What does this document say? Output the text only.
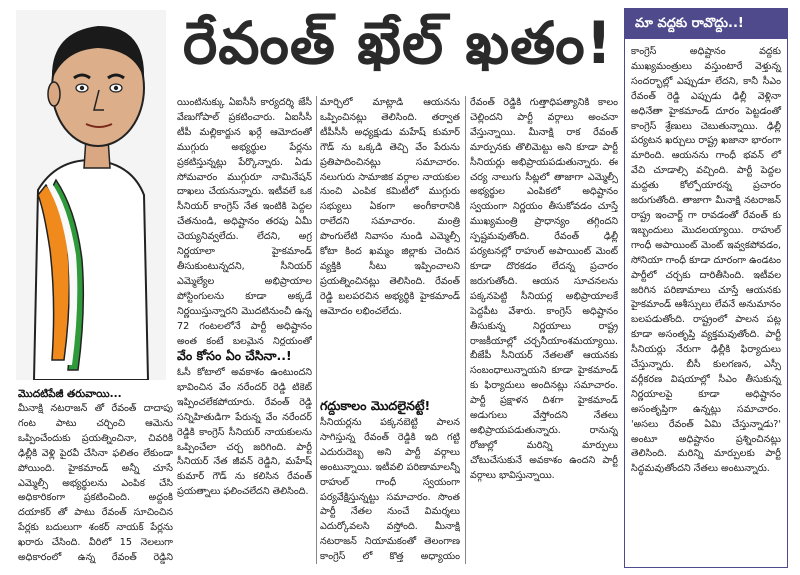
రేవంత్ ఖేల్ ఖతం!

యింటినుక్కు ఏఐసీసీ కార్యదర్శి జేసీ వేణుగోపాల్ ప్రకటించారు. ఏఐసీసీ టీపీ మల్లికార్జున ఖర్గే ఆమోదంతో ముగ్గురు అభ్యర్థుల పేర్లను ప్రకటిస్తున్నట్లు పేర్కొన్నారు. ఏడు సోమవారం ముగ్గురూ నామినేషన్ దాఖలు చేయనున్నారు. ఇటీవలే ఒక సీనియర్ కాంగ్రెస్ నేత ఇంటికి పెద్దల చేతనుండి, అధిష్టానం తరపు ఏమీ చెయ్యనివ్వలేదు. లేదని, అగ్ర నిర్ణయాలా హైకమాండ్ తీసుకుంటున్నదని, సీనియర్ ఎమ్మెల్యేల అభిప్రాయాల పోస్టింగులను కూడా అక్కడే నిర్ణయిస్తున్నారని మొదటినుంచీ ఉన్న 72 గంటలలోనే పార్టీ అధిష్టానం అంత కంటే బలమైన నిర్ణయంతో

వేం కోసం ఏం చేసినా..!

ఓసీ కోటాలో అవకాశం ఉంటుందని భావించిన వేం నరేందర్ రెడ్డి టికెట్ ఇప్పించలేకపోయారు. రేవంత్ రెడ్డి సన్నిహితుడిగా పేరున్న వేం నరేందర్ రెడ్డికి కాంగ్రెస్ సీనియర్ నాయకులను ఒప్పించేలా చర్చ జరిగింది. పార్టీ సీనియర్ నేత జీవన్ రెడ్డిని, మహేష్ కుమార్ గౌడ్ ను కలిసిన రేవంత్ ప్రయత్నాలు ఫలించలేదని తెలిసింది.

మొదటిపేజీ తరువాయి...

మీనాక్షి నటరాజన్ తో రేవంత్ దాదాపు గంట పాటు చర్చించి ఆమెను ఒప్పించేందుకు ప్రయత్నించినా, చివరికి ఢిల్లీకి వెళ్లి పైరవీ చేసినా ఫలితం లేకుండా పోయింది. హైకమాండ్ అన్నీ చూసే ఎమ్మెల్సీ అభ్యర్థులను ఎంపిక చేసి అధికారికంగా ప్రకటించింది. అద్దంకి దయాకర్ తో పాటు రేవంత్ సూచించిన పేర్లకు బదులుగా శంకర్ నాయక్ పేర్లను ఖరారు చేసింది. వీరిలో 15 నెలలుగా అధికారంలో ఉన్న రేవంత్ రెడ్డిని

మార్చిలో మాట్లాడి ఆయనను ఒప్పించినట్లు తెలిసింది. తర్వాత టీపీసీసీ అధ్యక్షుడు మహేష్ కుమార్ గౌడ్ ను ఒక్కడి తెచ్చి వేం పేరును ప్రతిపాదించినట్లు సమాచారం. నలుగురు సామాజిక వర్గాల నాయకుల నుంచి ఎంపిక కమిటీలో ముగ్గురు సభ్యులు ఏకంగా అంగీకారానికి రాలేదని సమాచారం. మంత్రి పొంగులేటి నివాసం నుండి ఎమ్మెల్సీ కోటా కింద ఖమ్మం జిల్లాకు చెందిన వ్యక్తికి సీటు ఇప్పించాలని ప్రయత్నించినట్లు తెలిసింది. రేవంత్ రెడ్డి బలపరచిన అభ్యర్థికి హైకమాండ్ ఆమోదం లభించలేదు.

గద్దుకాలం మొదలైనట్టే!

సీనియర్లను పక్కనబెట్టి పాలన సాగిస్తున్న రేవంత్ రెడ్డికి ఇది గట్టి ఎదురుదెబ్బ అని పార్టీ వర్గాలు అంటున్నాయి. ఇటీవలి పరిణామాలన్నీ రాహుల్ గాంధీ స్వయంగా పర్యవేక్షిస్తున్నట్టు సమాచారం. సొంత పార్టీ నేతల నుంచే విమర్శలు ఎదుర్కోవలసి వస్తోంది. మీనాక్షి నటరాజన్ నియామకంతో తెలంగాణ కాంగ్రెస్ లో కొత్త అధ్యాయం

రేవంత్ రెడ్డికి గుత్తాధిపత్యానికి కాలం చెల్లిందని పార్టీ వర్గాలు అంచనా వేస్తున్నాయి. మీనాక్షి రాక రేవంత్ మార్పునకు తొలిమెట్టు అని కూడా పార్టీ సీనియర్లు అభిప్రాయపడుతున్నారు. ఈ చర్య నాలుగు సీట్లలో తాజాగా ఎమ్మెల్సీ అభ్యర్థుల ఎంపికలో అధిష్టానం స్వయంగా నిర్ణయం తీసుకోవడం చూస్తే ముఖ్యమంత్రి ప్రాధాన్యం తగ్గిందని స్పష్టమవుతోంది. రేవంత్ ఢిల్లీ పర్యటనల్లో రాహుల్ అపాయింట్ మెంట్ కూడా దొరకడం లేదన్న ప్రచారం జరుగుతోంది. ఆయన సూచనలను పక్కనపెట్టి సీనియర్ల అభిప్రాయాలకే పెద్దపీట వేశారు. కాంగ్రెస్ అధిష్టానం తీసుకున్న నిర్ణయాలు రాష్ట్ర రాజకీయాల్లో చర్చనీయాంశమయ్యాయి. బీజేపీ సీనియర్ నేతలతో ఆయనకు సంబంధాలున్నాయని కూడా హైకమాండ్ కు ఫిర్యాదులు అందినట్లు సమాచారం. పార్టీ ప్రక్షాళన దిశగా హైకమాండ్ అడుగులు వేస్తోందని నేతలు అభిప్రాయపడుతున్నారు. రానున్న రోజుల్లో మరిన్ని మార్పులు చోటుచేసుకునే అవకాశం ఉందని పార్టీ వర్గాలు భావిస్తున్నాయి.

మా వద్దకు రావొద్దు..!
కాంగ్రెస్ అధిష్టానం వద్దకు ముఖ్యమంత్రులు వస్తుంటారే వెళ్తున్న సందర్భాల్లో ఎప్పుడూ లేదని, కానీ సీఎం రేవంత్ రెడ్డి ఎప్పుడు ఢిల్లీ వెళ్లినా అధినేతా హైకమాండ్ దూరం పెట్టడంతో కాంగ్రెస్ శ్రేణులు చెబుతున్నాయి. ఢిల్లీ పర్యటన ఖర్చులు రాష్ట్ర ఖజానా భారంగా మారింది. ఆయనను గాంధీ భవన్ లో వేచి చూడాల్సి వచ్చింది. పార్టీ పెద్దల మద్దతు కోల్పోయారన్న ప్రచారం జరుగుతోంది. తాజాగా మీనాక్షి నటరాజన్ రాష్ట్ర ఇంచార్జ్ గా రావడంతో రేవంత్ కు ఇబ్బందులు మొదలయ్యాయి. రాహుల్ గాంధీ అపాయింట్ మెంట్ ఇవ్వకపోవడం, సోనియా గాంధీ కూడా దూరంగా ఉండటం పార్టీలో చర్చకు దారితీసింది. ఇటీవల జరిగిన పరిణామాలు చూస్తే ఆయనకు హైకమాండ్ ఆశీస్సులు లేవనే అనుమానం బలపడుతోంది. రాష్ట్రంలో పాలన పట్ల కూడా అసంతృప్తి వ్యక్తమవుతోంది. పార్టీ సీనియర్లు నేరుగా ఢిల్లీకి ఫిర్యాదులు చేస్తున్నారు. బీసీ కులగణన, ఎస్సీ వర్గీకరణ విషయాల్లో సీఎం తీసుకున్న నిర్ణయాలపై కూడా అధిష్టానం అసంతృప్తిగా ఉన్నట్లు సమాచారం. 'అసలు రేవంత్ ఏమి చేస్తున్నాడు?' అంటూ అధిష్టానం ప్రశ్నించినట్లు తెలిసింది. మరిన్ని మార్పులకు పార్టీ సిద్ధమవుతోందని నేతలు అంటున్నారు.
